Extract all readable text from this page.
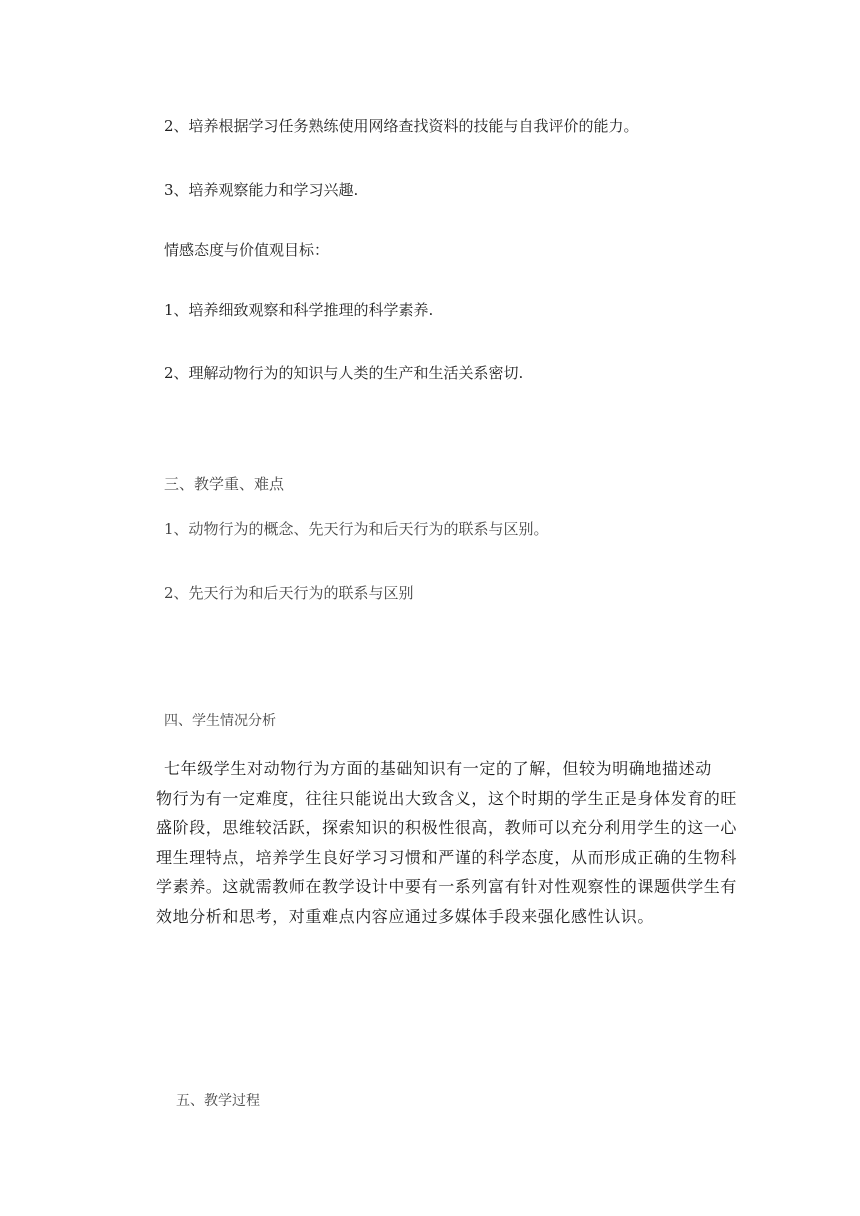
2、培养根据学习任务熟练使用网络查找资料的技能与自我评价的能力。

3、培养观察能力和学习兴趣.

情感态度与价值观目标：

1、培养细致观察和科学推理的科学素养.

2、理解动物行为的知识与人类的生产和生活关系密切.

三、教学重、难点

1、动物行为的概念、先天行为和后天行为的联系与区别。

2、先天行为和后天行为的联系与区别

四、学生情况分析

七年级学生对动物行为方面的基础知识有一定的了解，但较为明确地描述动
物行为有一定难度，往往只能说出大致含义，这个时期的学生正是身体发育的旺
盛阶段，思维较活跃，探索知识的积极性很高，教师可以充分利用学生的这一心
理生理特点，培养学生良好学习习惯和严谨的科学态度，从而形成正确的生物科
学素养。这就需教师在教学设计中要有一系列富有针对性观察性的课题供学生有
效地分析和思考，对重难点内容应通过多媒体手段来强化感性认识。

五、教学过程
